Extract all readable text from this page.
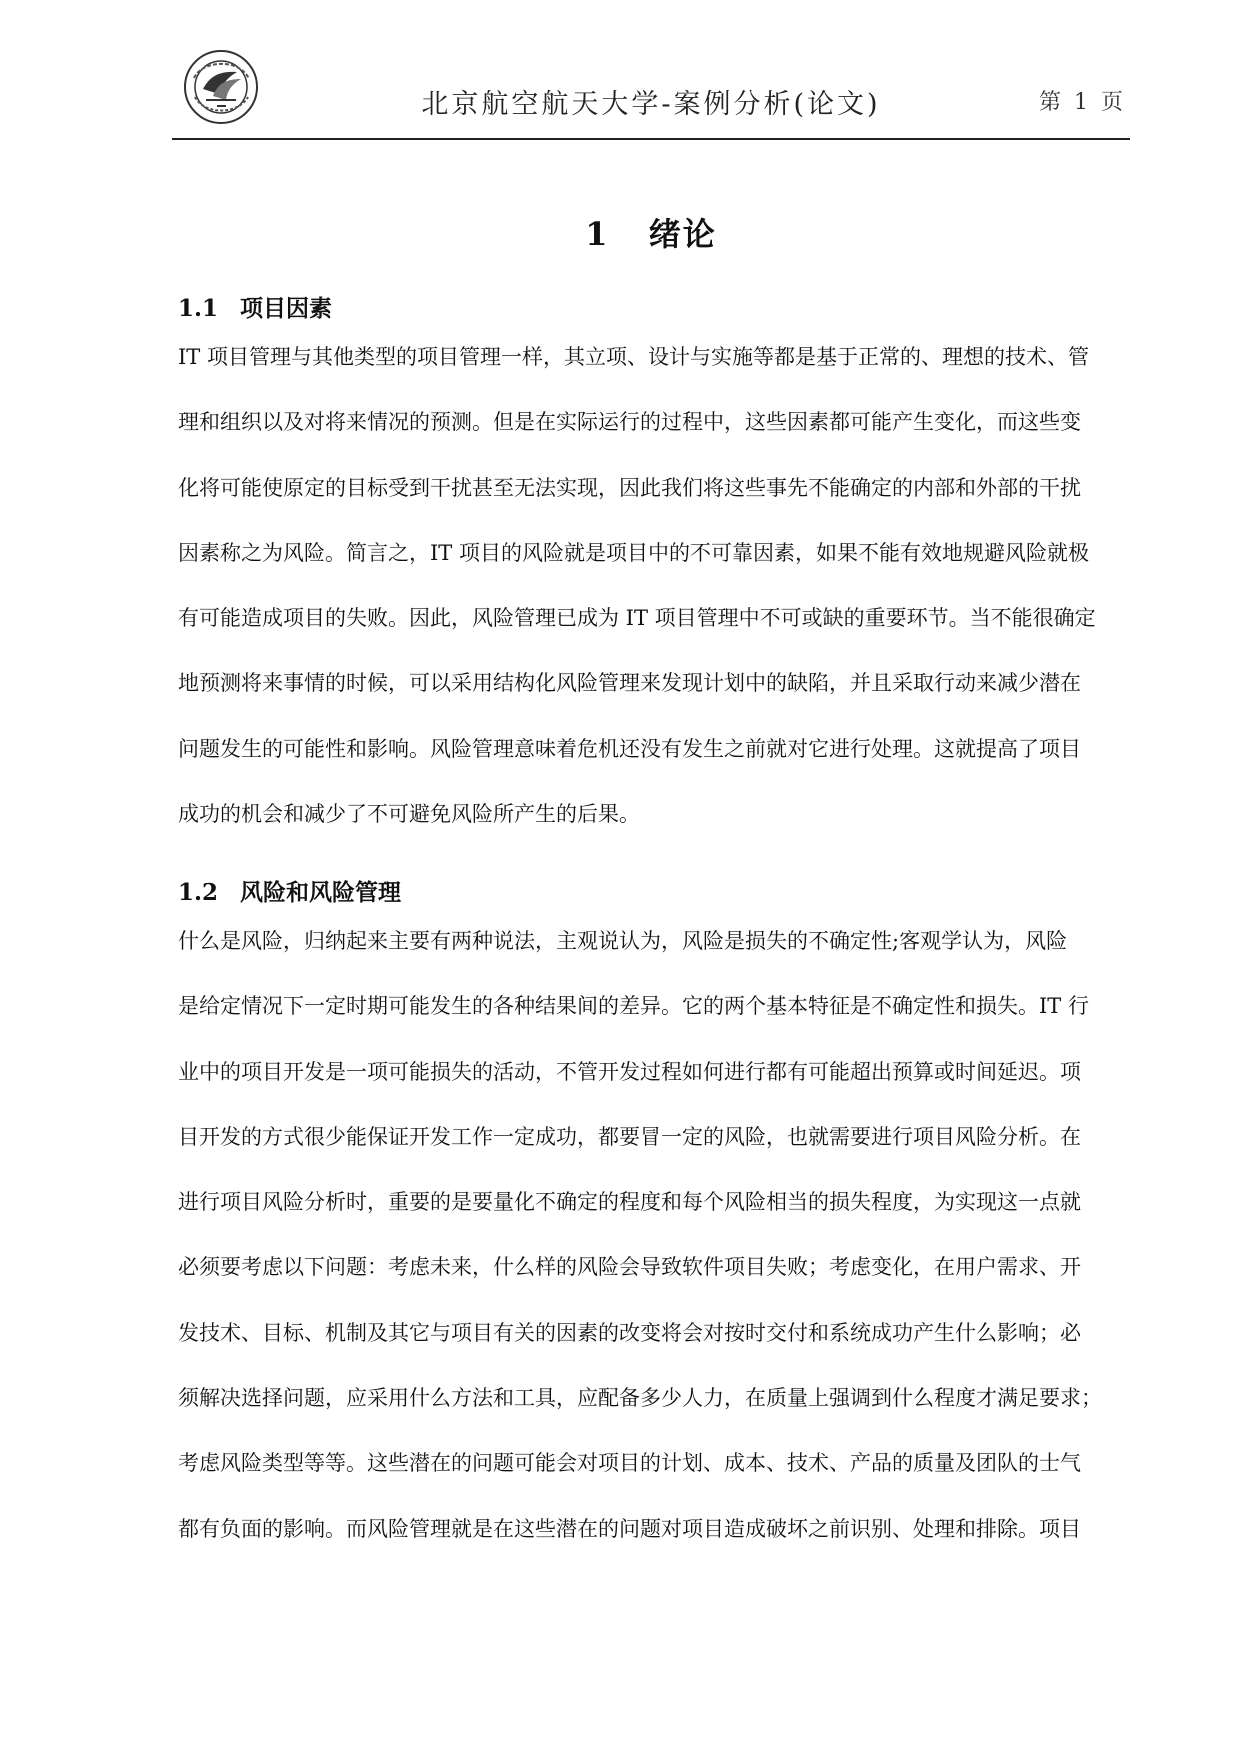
北京航空航天大学-案例分析(论文)	第 1 页
1 绪论
1.1 项目因素
IT 项目管理与其他类型的项目管理一样，其立项、设计与实施等都是基于正常的、理想的技术、管
理和组织以及对将来情况的预测。但是在实际运行的过程中，这些因素都可能产生变化，而这些变
化将可能使原定的目标受到干扰甚至无法实现，因此我们将这些事先不能确定的内部和外部的干扰
因素称之为风险。简言之，IT 项目的风险就是项目中的不可靠因素，如果不能有效地规避风险就极
有可能造成项目的失败。因此，风险管理已成为 IT 项目管理中不可或缺的重要环节。当不能很确定
地预测将来事情的时候，可以采用结构化风险管理来发现计划中的缺陷，并且采取行动来减少潜在
问题发生的可能性和影响。风险管理意味着危机还没有发生之前就对它进行处理。这就提高了项目
成功的机会和减少了不可避免风险所产生的后果。
1.2 风险和风险管理
什么是风险，归纳起来主要有两种说法，主观说认为，风险是损失的不确定性;客观学认为，风险
是给定情况下一定时期可能发生的各种结果间的差异。它的两个基本特征是不确定性和损失。IT 行
业中的项目开发是一项可能损失的活动，不管开发过程如何进行都有可能超出预算或时间延迟。项
目开发的方式很少能保证开发工作一定成功，都要冒一定的风险，也就需要进行项目风险分析。在
进行项目风险分析时，重要的是要量化不确定的程度和每个风险相当的损失程度，为实现这一点就
必须要考虑以下问题：考虑未来，什么样的风险会导致软件项目失败；考虑变化，在用户需求、开
发技术、目标、机制及其它与项目有关的因素的改变将会对按时交付和系统成功产生什么影响；必
须解决选择问题，应采用什么方法和工具，应配备多少人力，在质量上强调到什么程度才满足要求；
考虑风险类型等等。这些潜在的问题可能会对项目的计划、成本、技术、产品的质量及团队的士气
都有负面的影响。而风险管理就是在这些潜在的问题对项目造成破坏之前识别、处理和排除。项目
